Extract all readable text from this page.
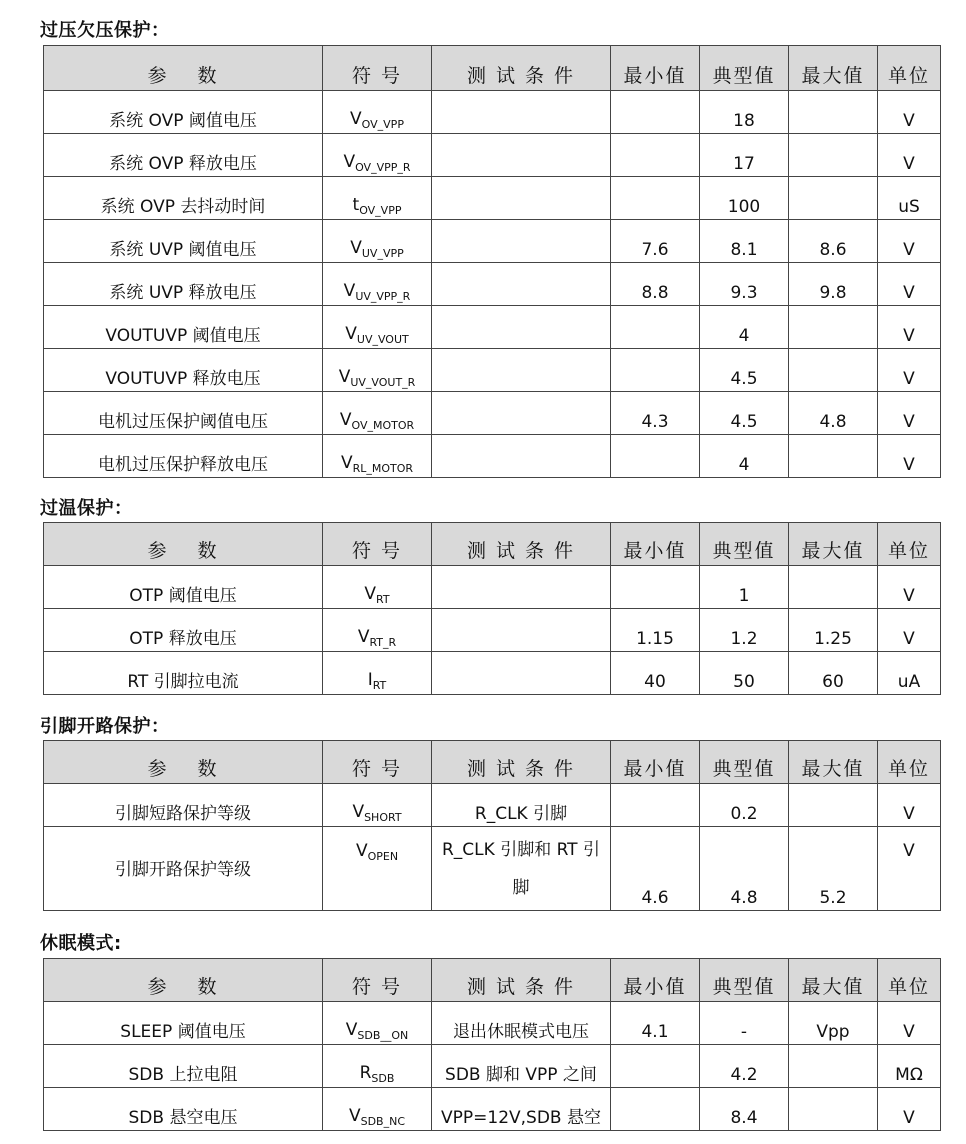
过压欠压保护：
参　 数	符 号	测 试 条 件	最小值	典型值	最大值	单位
系统 OVP 阈值电压	$V_{OV\_VPP}$			18		V
系统 OVP 释放电压	$V_{OV\_VPP\_R}$			17		V
系统 OVP 去抖动时间	$t_{OV\_VPP}$			100		uS
系统 UVP 阈值电压	$V_{UV\_VPP}$		7.6	8.1	8.6	V
系统 UVP 释放电压	$V_{UV\_VPP\_R}$		8.8	9.3	9.8	V
VOUTUVP 阈值电压	$V_{UV\_VOUT}$			4		V
VOUTUVP 释放电压	$V_{UV\_VOUT\_R}$			4.5		V
电机过压保护阈值电压	$V_{OV\_MOTOR}$		4.3	4.5	4.8	V
电机过压保护释放电压	$V_{RL\_MOTOR}$			4		V
过温保护：
参　 数	符 号	测 试 条 件	最小值	典型值	最大值	单位
OTP 阈值电压	$V_{RT}$			1		V
OTP 释放电压	$V_{RT\_R}$		1.15	1.2	1.25	V
RT 引脚拉电流	$I_{RT}$		40	50	60	uA
引脚开路保护：
参　 数	符 号	测 试 条 件	最小值	典型值	最大值	单位
引脚短路保护等级	$V_{SHORT}$	R_CLK 引脚		0.2		V
引脚开路保护等级	$V_{OPEN}$	R_CLK 引脚和 RT 引脚	4.6	4.8	5.2	V
休眠模式:
参　 数	符 号	测 试 条 件	最小值	典型值	最大值	单位
SLEEP 阈值电压	$V_{SDB\_\_ON}$	退出休眠模式电压	4.1	-	Vpp	V
SDB 上拉电阻	$R_{SDB}$	SDB 脚和 VPP 之间		4.2		MΩ
SDB 悬空电压	$V_{SDB\_NC}$	VPP=12V,SDB 悬空		8.4		V
